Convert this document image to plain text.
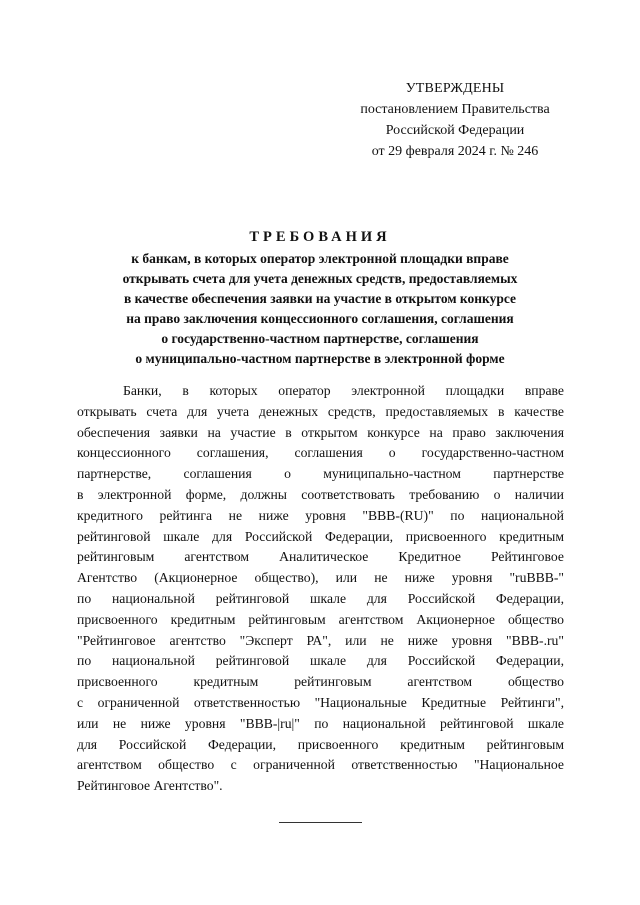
УТВЕРЖДЕНЫ
постановлением Правительства
Российской Федерации
от 29 февраля 2024 г. № 246
ТРЕБОВАНИЯ
к банкам, в которых оператор электронной площадки вправе
открывать счета для учета денежных средств, предоставляемых
в качестве обеспечения заявки на участие в открытом конкурсе
на право заключения концессионного соглашения, соглашения
о государственно-частном партнерстве, соглашения
о муниципально-частном партнерстве в электронной форме
Банки, в которых оператор электронной площадки вправе
открывать счета для учета денежных средств, предоставляемых в качестве
обеспечения заявки на участие в открытом конкурсе на право заключения
концессионного соглашения, соглашения о государственно-частном
партнерстве, соглашения о муниципально-частном партнерстве
в электронной форме, должны соответствовать требованию о наличии
кредитного рейтинга не ниже уровня "BBB-(RU)" по национальной
рейтинговой шкале для Российской Федерации, присвоенного кредитным
рейтинговым агентством Аналитическое Кредитное Рейтинговое
Агентство (Акционерное общество), или не ниже уровня "ruBBB-"
по национальной рейтинговой шкале для Российской Федерации,
присвоенного кредитным рейтинговым агентством Акционерное общество
"Рейтинговое агентство "Эксперт РА", или не ниже уровня "BBB-.ru"
по национальной рейтинговой шкале для Российской Федерации,
присвоенного кредитным рейтинговым агентством общество
с ограниченной ответственностью "Национальные Кредитные Рейтинги",
или не ниже уровня "BBB-|ru|" по национальной рейтинговой шкале
для Российской Федерации, присвоенного кредитным рейтинговым
агентством общество с ограниченной ответственностью "Национальное
Рейтинговое Агентство".
